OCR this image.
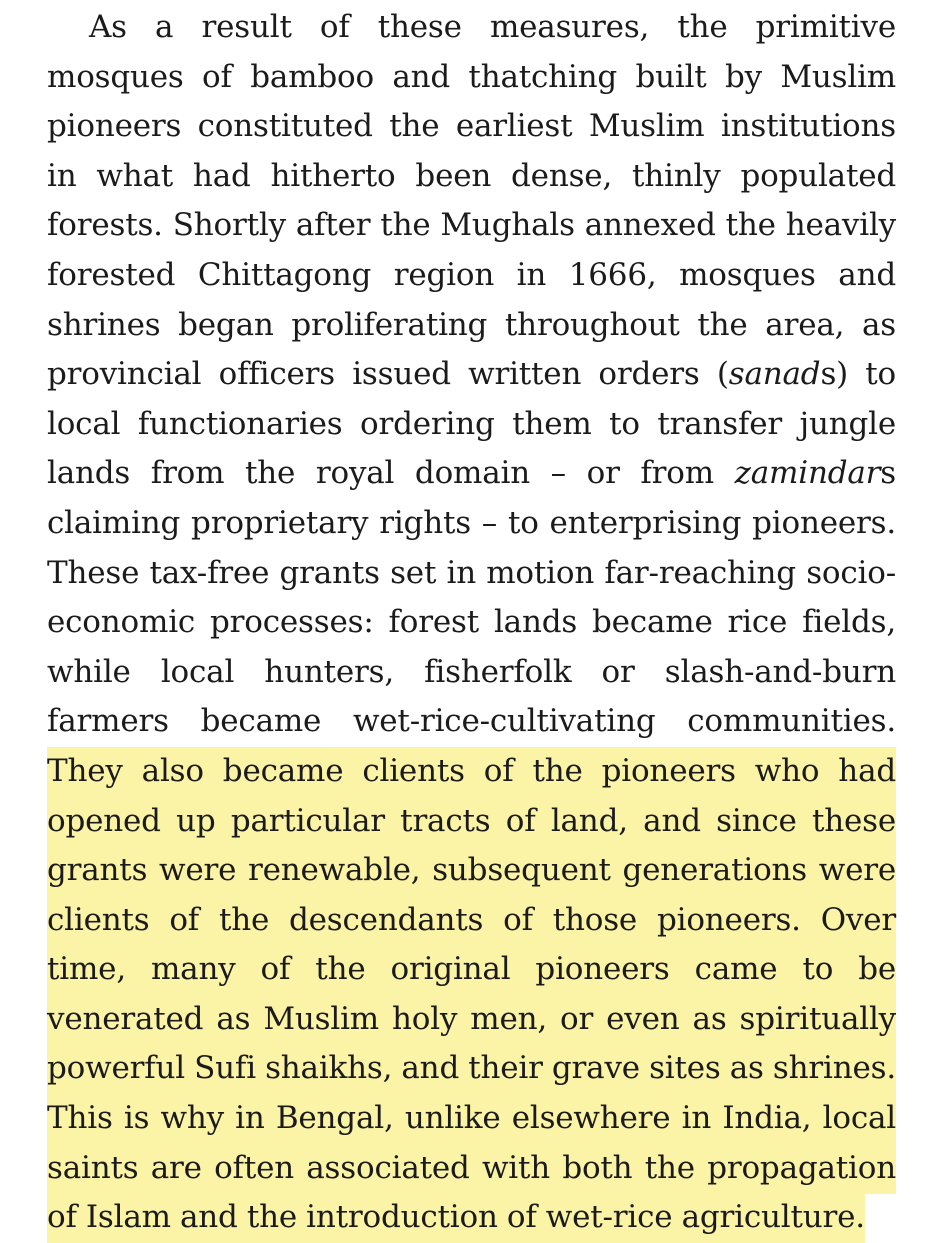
As a result of these measures, the primitive mosques of bamboo and thatching built by Muslim pioneers constituted the earliest Muslim institutions in what had hitherto been dense, thinly populated forests. Shortly after the Mughals annexed the heavily forested Chittagong region in 1666, mosques and shrines began proliferating throughout the area, as provincial officers issued written orders (sanads) to local functionaries ordering them to transfer jungle lands from the royal domain – or from zamindars claiming proprietary rights – to enterprising pioneers. These tax-free grants set in motion far-reaching socio-economic processes: forest lands became rice fields, while local hunters, fisherfolk or slash-and-burn farmers became wet-rice-cultivating communities. They also became clients of the pioneers who had opened up particular tracts of land, and since these grants were renewable, subsequent generations were clients of the descendants of those pioneers. Over time, many of the original pioneers came to be venerated as Muslim holy men, or even as spiritually powerful Sufi shaikhs, and their grave sites as shrines. This is why in Bengal, unlike elsewhere in India, local saints are often associated with both the propagation of Islam and the introduction of wet-rice agriculture.
